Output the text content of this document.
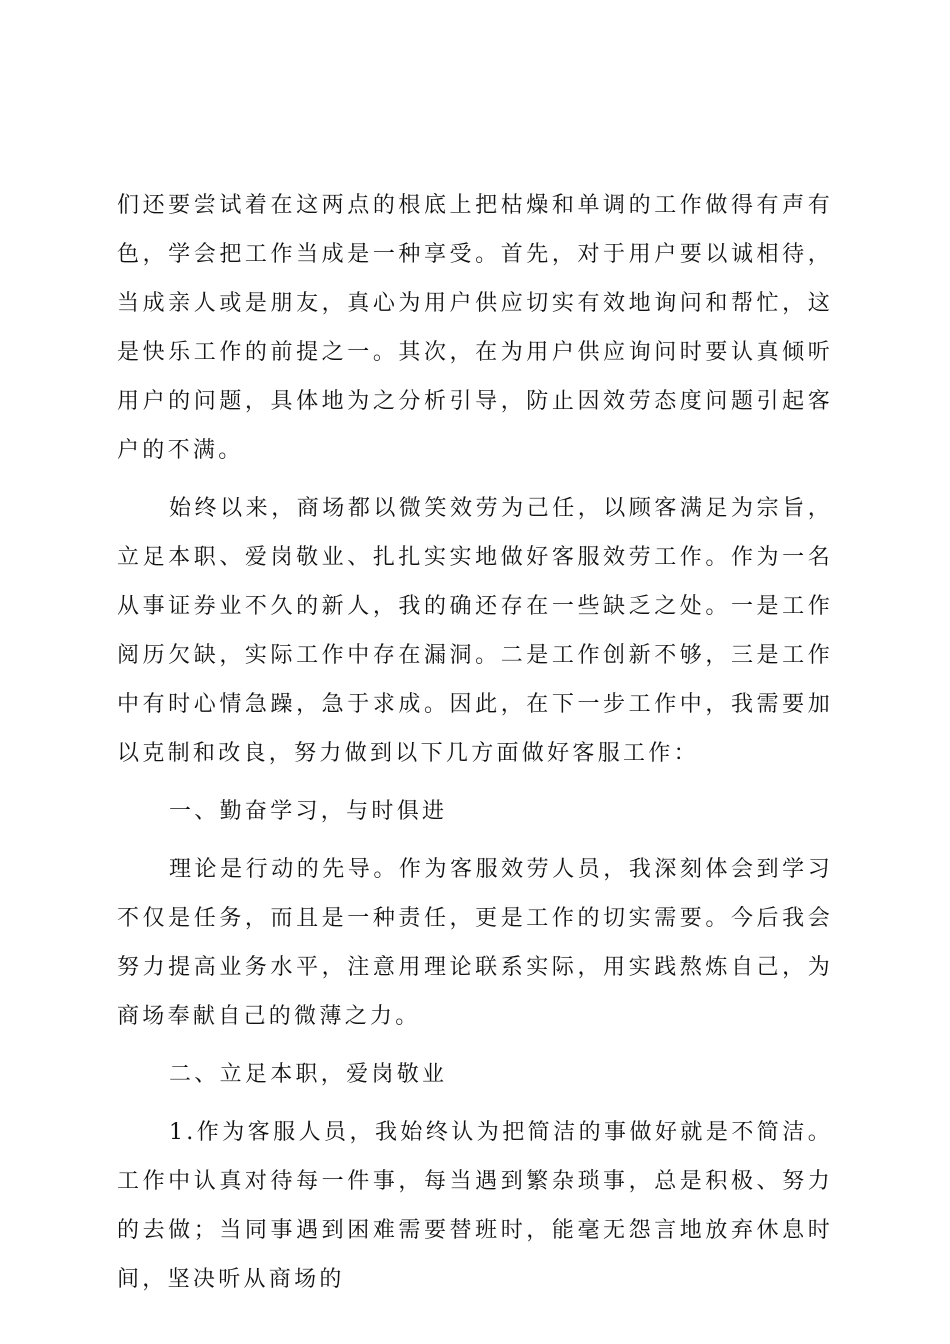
们还要尝试着在这两点的根底上把枯燥和单调的工作做得有声有色，学会把工作当成是一种享受。首先，对于用户要以诚相待，当成亲人或是朋友，真心为用户供应切实有效地询问和帮忙，这是快乐工作的前提之一。其次，在为用户供应询问时要认真倾听用户的问题，具体地为之分析引导，防止因效劳态度问题引起客户的不满。

始终以来，商场都以微笑效劳为己任，以顾客满足为宗旨，立足本职、爱岗敬业、扎扎实实地做好客服效劳工作。作为一名从事证券业不久的新人，我的确还存在一些缺乏之处。一是工作阅历欠缺，实际工作中存在漏洞。二是工作创新不够，三是工作中有时心情急躁，急于求成。因此，在下一步工作中，我需要加以克制和改良，努力做到以下几方面做好客服工作：

一、勤奋学习，与时俱进

理论是行动的先导。作为客服效劳人员，我深刻体会到学习不仅是任务，而且是一种责任，更是工作的切实需要。今后我会努力提高业务水平，注意用理论联系实际，用实践熬炼自己，为商场奉献自己的微薄之力。

二、立足本职，爱岗敬业

1.作为客服人员，我始终认为把简洁的事做好就是不简洁。工作中认真对待每一件事，每当遇到繁杂琐事，总是积极、努力的去做；当同事遇到困难需要替班时，能毫无怨言地放弃休息时间，坚决听从商场的
